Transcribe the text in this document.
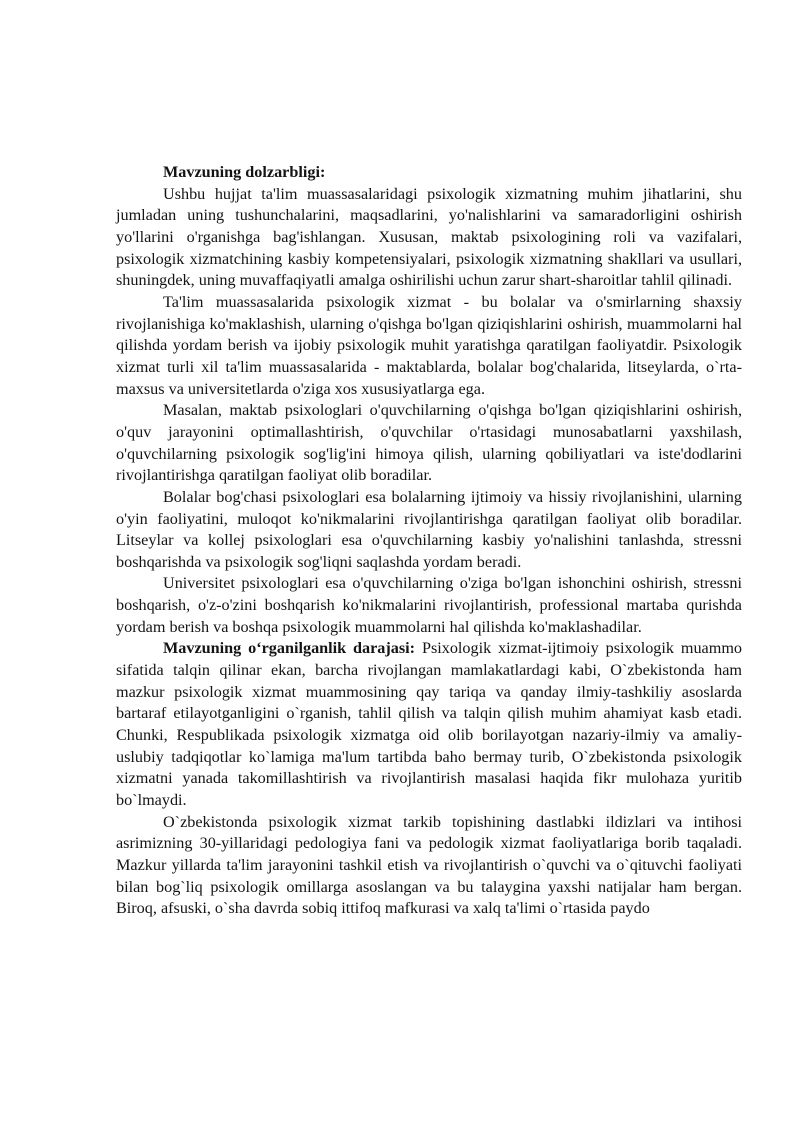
Mavzuning dolzarbligi:

Ushbu hujjat ta'lim muassasalaridagi psixologik xizmatning muhim jihatlarini, shu jumladan uning tushunchalarini, maqsadlarini, yo'nalishlarini va samaradorligini oshirish yo'llarini o'rganishga bag'ishlangan. Xususan, maktab psixologining roli va vazifalari, psixologik xizmatchining kasbiy kompetensiyalari, psixologik xizmatning shakllari va usullari, shuningdek, uning muvaffaqiyatli amalga oshirilishi uchun zarur shart-sharoitlar tahlil qilinadi.

Ta'lim muassasalarida psixologik xizmat - bu bolalar va o'smirlarning shaxsiy rivojlanishiga ko'maklashish, ularning o'qishga bo'lgan qiziqishlarini oshirish, muammolarni hal qilishda yordam berish va ijobiy psixologik muhit yaratishga qaratilgan faoliyatdir. Psixologik xizmat turli xil ta'lim muassasalarida - maktablarda, bolalar bog'chalarida, litseylarda, o`rta-maxsus va universitetlarda o'ziga xos xususiyatlarga ega.

Masalan, maktab psixologlari o'quvchilarning o'qishga bo'lgan qiziqishlarini oshirish, o'quv jarayonini optimallashtirish, o'quvchilar o'rtasidagi munosabatlarni yaxshilash, o'quvchilarning psixologik sog'lig'ini himoya qilish, ularning qobiliyatlari va iste'dodlarini rivojlantirishga qaratilgan faoliyat olib boradilar.

Bolalar bog'chasi psixologlari esa bolalarning ijtimoiy va hissiy rivojlanishini, ularning o'yin faoliyatini, muloqot ko'nikmalarini rivojlantirishga qaratilgan faoliyat olib boradilar. Litseylar va kollej psixologlari esa o'quvchilarning kasbiy yo'nalishini tanlashda, stressni boshqarishda va psixologik sog'liqni saqlashda yordam beradi.

Universitet psixologlari esa o'quvchilarning o'ziga bo'lgan ishonchini oshirish, stressni boshqarish, o'z-o'zini boshqarish ko'nikmalarini rivojlantirish, professional martaba qurishda yordam berish va boshqa psixologik muammolarni hal qilishda ko'maklashadilar.

Mavzuning o‘rganilganlik darajasi: Psixologik xizmat-ijtimoiy psixologik muammo sifatida talqin qilinar ekan, barcha rivojlangan mamlakatlardagi kabi, O`zbekistonda ham mazkur psixologik xizmat muammosining qay tariqa va qanday ilmiy-tashkiliy asoslarda bartaraf etilayotganligini o`rganish, tahlil qilish va talqin qilish muhim ahamiyat kasb etadi. Chunki, Respublikada psixologik xizmatga oid olib borilayotgan nazariy-ilmiy va amaliy-uslubiy tadqiqotlar ko`lamiga ma'lum tartibda baho bermay turib, O`zbekistonda psixologik xizmatni yanada takomillashtirish va rivojlantirish masalasi haqida fikr mulohaza yuritib bo`lmaydi.

O`zbekistonda psixologik xizmat tarkib topishining dastlabki ildizlari va intihosi asrimizning 30-yillaridagi pedologiya fani va pedologik xizmat faoliyatlariga borib taqaladi. Mazkur yillarda ta'lim jarayonini tashkil etish va rivojlantirish o`quvchi va o`qituvchi faoliyati bilan bog`liq psixologik omillarga asoslangan va bu talaygina yaxshi natijalar ham bergan. Biroq, afsuski, o`sha davrda sobiq ittifoq mafkurasi va xalq ta'limi o`rtasida paydo
